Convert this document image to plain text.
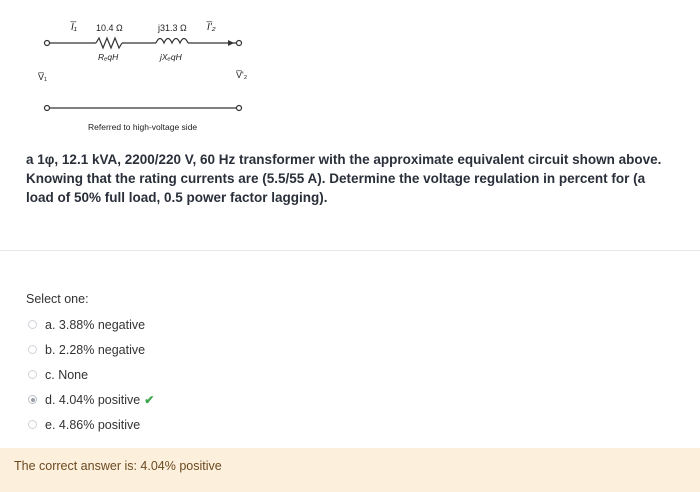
I̅₁ 10.4 Ω	j31.3 Ω I̅'₂
RₑqH	jXₑqH
V̅₁	V̅'₂
Referred to high-voltage side
a 1φ, 12.1 kVA, 2200/220 V, 60 Hz transformer with the approximate equivalent circuit shown above. Knowing that the rating currents are (5.5/55 A). Determine the voltage regulation in percent for (a load of 50% full load, 0.5 power factor lagging).
Select one:
a. 3.88% negative
b. 2.28% negative
c. None
d. 4.04% positive ✔
e. 4.86% positive
The correct answer is: 4.04% positive
